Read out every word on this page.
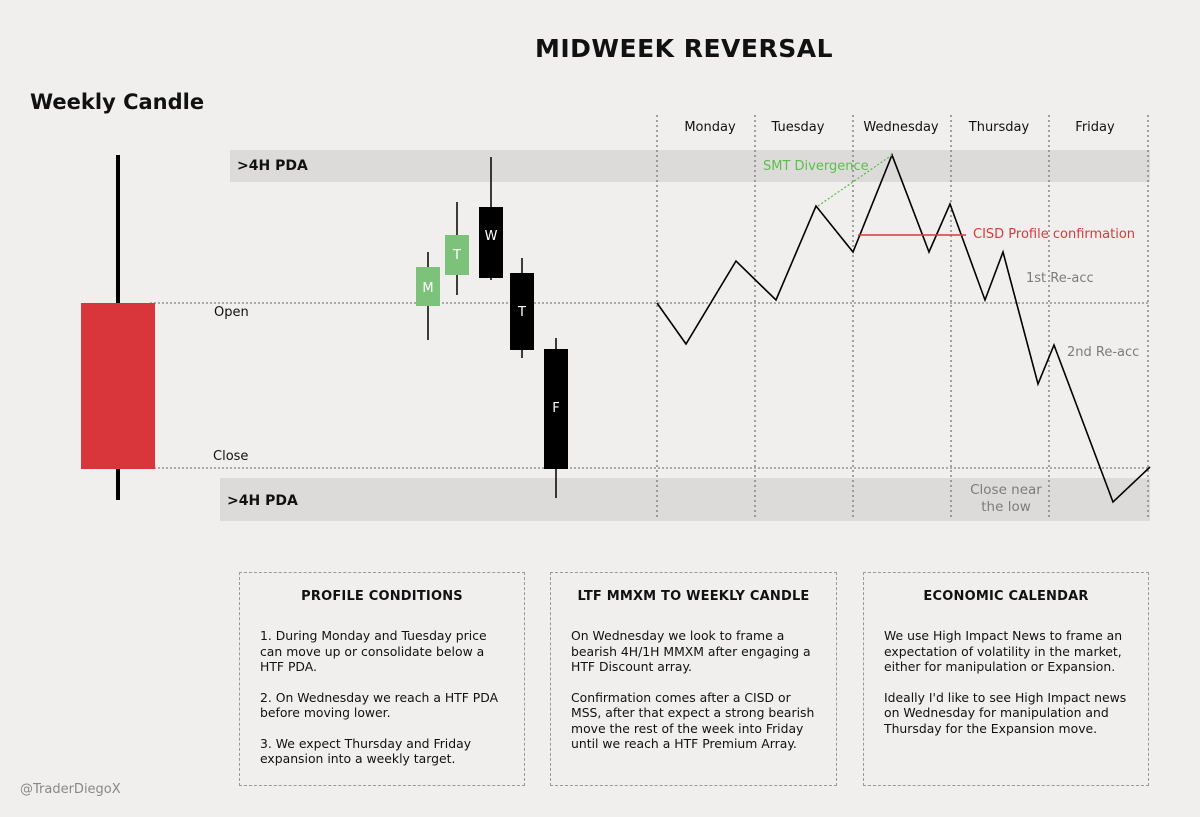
MIDWEEK REVERSAL
Weekly Candle
>4H PDA
>4H PDA
Open
Close
M
T
W
T
F
Monday	Tuesday	Wednesday Thursday	Friday
SMT Divergence
CISD Profile confirmation
1st Re-acc
2nd Re-acc
Close near
the low
PROFILE CONDITIONS

1. During Monday and Tuesday price can move up or consolidate below a HTF PDA.

2. On Wednesday we reach a HTF PDA before moving lower.

3. We expect Thursday and Friday expansion into a weekly target.

LTF MMXM TO WEEKLY CANDLE

On Wednesday we look to frame a bearish 4H/1H MMXM after engaging a HTF Discount array.

Confirmation comes after a CISD or MSS, after that expect a strong bearish move the rest of the week into Friday until we reach a HTF Premium Array.

ECONOMIC CALENDAR

We use High Impact News to frame an expectation of volatility in the market, either for manipulation or Expansion.

Ideally I'd like to see High Impact news on Wednesday for manipulation and Thursday for the Expansion move.

@TraderDiegoX
